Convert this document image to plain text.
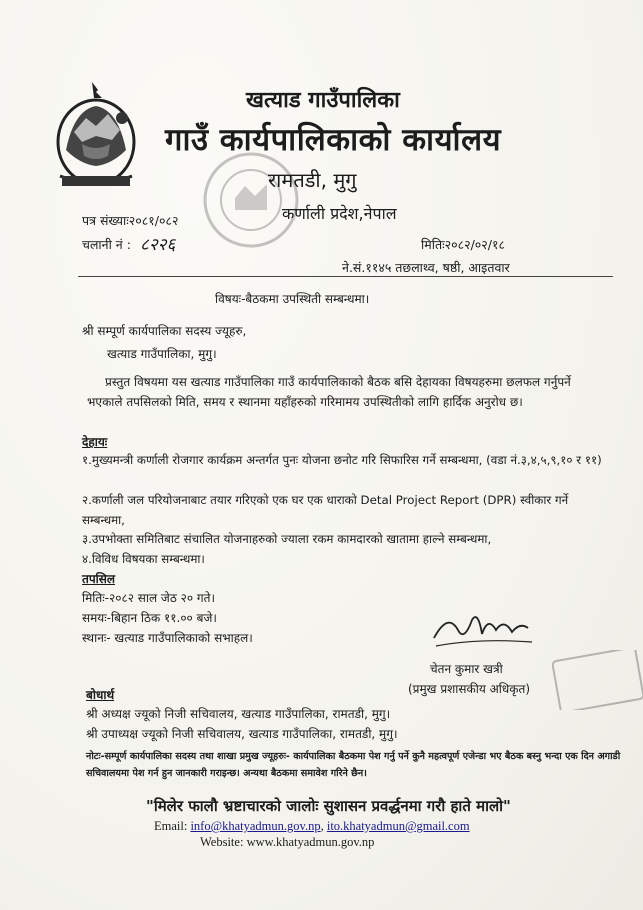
खत्याड गाउँपालिका
गाउँ कार्यपालिकाको कार्यालय
रामतडी, मुगु
कर्णाली प्रदेश,नेपाल
पत्र संख्याः२०८१/०८२
चलानी नं : ८२२६	मितिः२०८२/०२/१८
ने.सं.११४५ तछलाथ्व, षष्ठी, आइतवार
विषयः-बैठकमा उपस्थिती सम्बन्धमा।
श्री सम्पूर्ण कार्यपालिका सदस्य ज्यूहरु,
खत्याड गाउँपालिका, मुगु।
प्रस्तुत विषयमा यस खत्याड गाउँपालिका गाउँ कार्यपालिकाको बैठक बसि देहायका विषयहरुमा छलफल गर्नुपर्ने भएकाले तपसिलको मिति, समय र स्थानमा यहाँहरुको गरिमामय उपस्थितीको लागि हार्दिक अनुरोध छ।
देहायः
१.मुख्यमन्त्री कर्णाली रोजगार कार्यक्रम अन्तर्गत पुनः योजना छनोट गरि सिफारिस गर्ने सम्बन्धमा, (वडा नं.३,४,५,९,१० र ११)
२.कर्णाली जल परियोजनाबाट तयार गरिएको एक घर एक धाराको Detal Project Report (DPR) स्वीकार गर्ने सम्बन्धमा,
३.उपभोक्ता समितिबाट संचालित योजनाहरुको ज्याला रकम कामदारको खातामा हाल्ने सम्बन्धमा,
४.विविध विषयका सम्बन्धमा।
तपसिल
मितिः-२०८२ साल जेठ २० गते।
समयः-बिहान ठिक ११.०० बजे।
स्थानः- खत्याड गाउँपालिकाको सभाहल।
चेतन कुमार खत्री
(प्रमुख प्रशासकीय अधिकृत)
बोधार्थ
श्री अध्यक्ष ज्यूको निजी सचिवालय, खत्याड गाउँपालिका, रामतडी, मुगु।
श्री उपाध्यक्ष ज्यूको निजी सचिवालय, खत्याड गाउँपालिका, रामतडी, मुगु।
नोटः-सम्पूर्ण कार्यपालिका सदस्य तथा शाखा प्रमुख ज्यूहरुः- कार्यपालिका बैठकमा पेश गर्नु पर्ने कुनै महत्वपूर्ण एजेन्डा भए बैठक बस्नु भन्दा एक दिन अगाडी सचिवालयमा पेश गर्न हुन जानकारी गराइन्छ। अन्यथा बैठकमा समावेश गरिने छैन।
"मिलेर फालौ भ्रष्टाचारको जालोः सुशासन प्रवर्द्धनमा गरौ हाते मालो"
Email: info@khatyadmun.gov.np, ito.khatyadmun@gmail.com
Website: www.khatyadmun.gov.np
